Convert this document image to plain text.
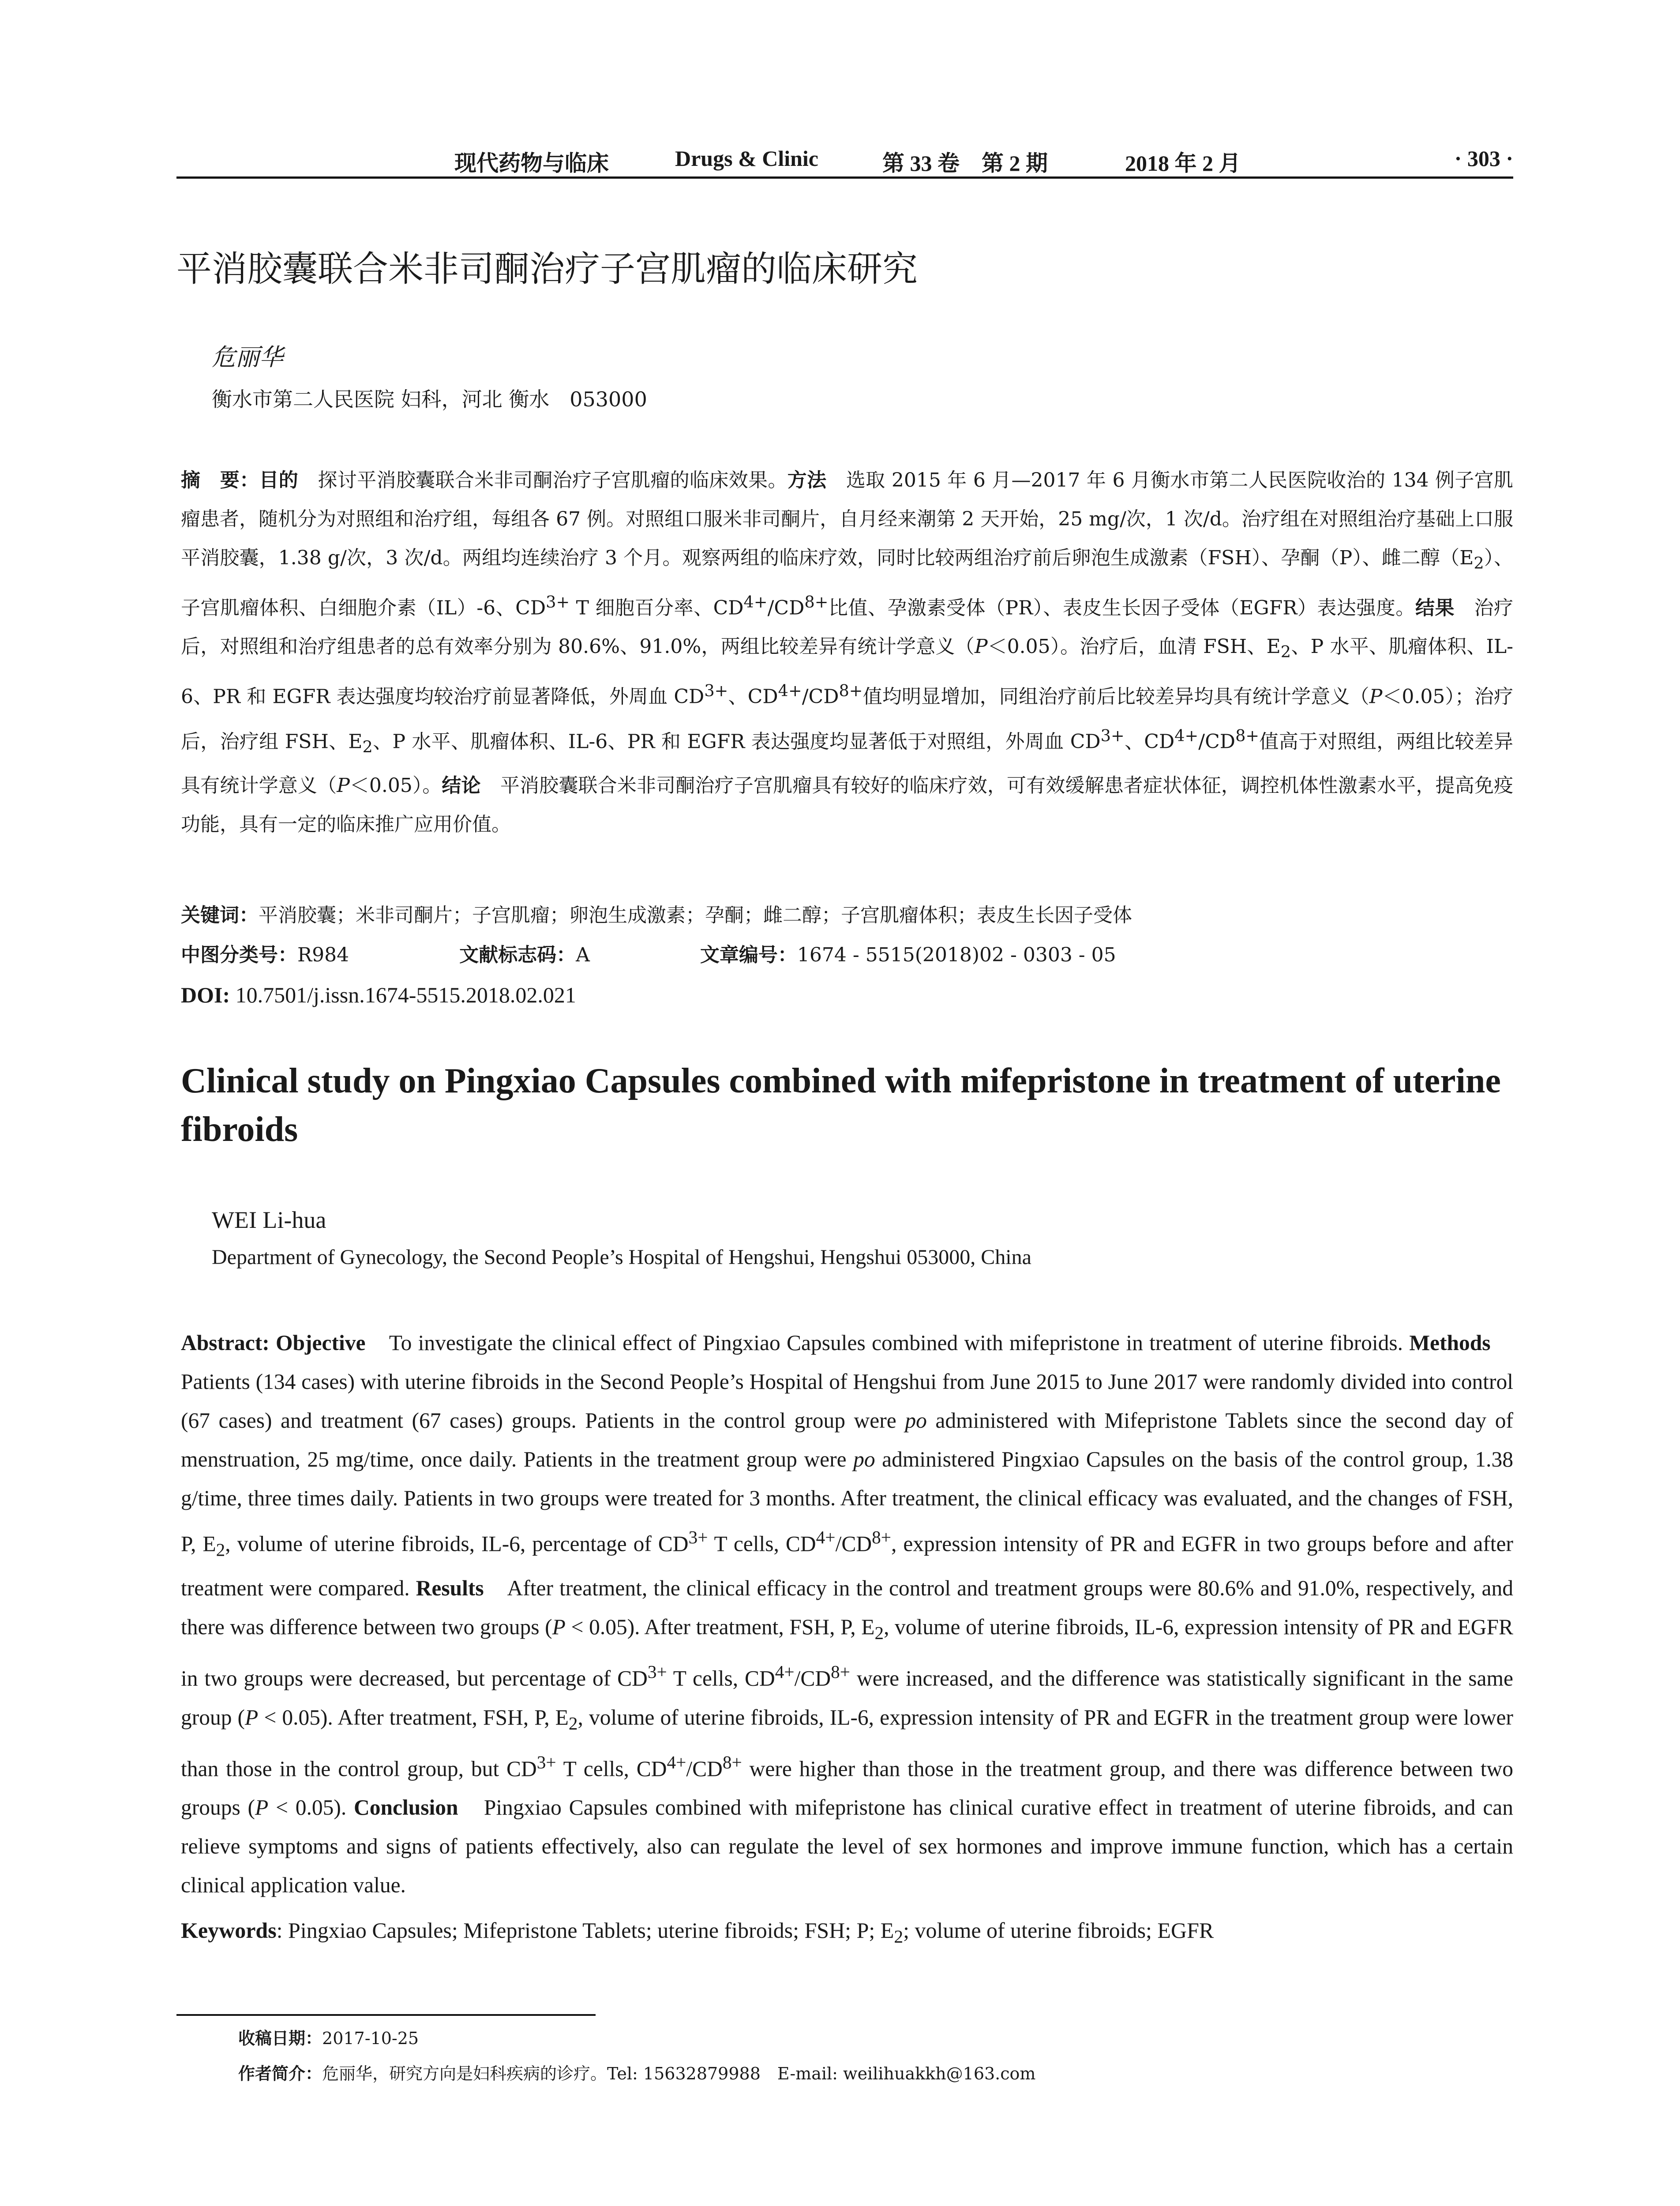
现代药物与临床	Drugs & Clinic	第 33 卷　第 2 期	2018 年 2 月	· 303 ·
平消胶囊联合米非司酮治疗子宫肌瘤的临床研究
危丽华
衡水市第二人民医院 妇科，河北 衡水　053000

摘　要：目的　探讨平消胶囊联合米非司酮治疗子宫肌瘤的临床效果。方法　选取 2015 年 6 月—2017 年 6 月衡水市第二人民医院收治的 134 例子宫肌瘤患者，随机分为对照组和治疗组，每组各 67 例。对照组口服米非司酮片，自月经来潮第 2 天开始，25 mg/次，1 次/d。治疗组在对照组治疗基础上口服平消胶囊，1.38 g/次，3 次/d。两组均连续治疗 3 个月。观察两组的临床疗效，同时比较两组治疗前后卵泡生成激素（FSH）、孕酮（P）、雌二醇$(E_2)$、子宫肌瘤体积、白细胞介素（IL）-6、$CD^{3+}$ T 细胞百分率、$CD^{4+}/CD^{8+}$比值、孕激素受体（PR）、表皮生长因子受体（EGFR）表达强度。结果　治疗后，对照组和治疗组患者的总有效率分别为 80.6%、91.0%，两组比较差异有统计学意义（P＜0.05）。治疗后，血清 FSH、$E_2$、P 水平、肌瘤体积、IL-6、PR 和 EGFR 表达强度均较治疗前显著降低，外周血 $CD^{3+}$、$CD^{4+}/CD^{8+}$值均明显增加，同组治疗前后比较差异均具有统计学意义（P＜0.05）；治疗后，治疗组 FSH、$E_2$、P 水平、肌瘤体积、IL-6、PR 和 EGFR 表达强度均显著低于对照组，外周血 $CD^{3+}$、$CD^{4+}/CD^{8+}$值高于对照组，两组比较差异具有统计学意义（P＜0.05）。结论　平消胶囊联合米非司酮治疗子宫肌瘤具有较好的临床疗效，可有效缓解患者症状体征，调控机体性激素水平，提高免疫功能，具有一定的临床推广应用价值。

关键词：平消胶囊；米非司酮片；子宫肌瘤；卵泡生成激素；孕酮；雌二醇；子宫肌瘤体积；表皮生长因子受体
中图分类号：R984	文献标志码：A	文章编号：1674 - 5515(2018)02 - 0303 - 05
DOI: 10.7501/j.issn.1674-5515.2018.02.021
Clinical study on Pingxiao Capsules combined with mifepristone in treatment of uterine fibroids
WEI Li-hua
Department of Gynecology, the Second People’s Hospital of Hengshui, Hengshui 053000, China

Abstract: Objective　To investigate the clinical effect of Pingxiao Capsules combined with mifepristone in treatment of uterine fibroids. Methods　Patients (134 cases) with uterine fibroids in the Second People’s Hospital of Hengshui from June 2015 to June 2017 were randomly divided into control (67 cases) and treatment (67 cases) groups. Patients in the control group were po administered with Mifepristone Tablets since the second day of menstruation, 25 mg/time, once daily. Patients in the treatment group were po administered Pingxiao Capsules on the basis of the control group, 1.38 g/time, three times daily. Patients in two groups were treated for 3 months. After treatment, the clinical efficacy was evaluated, and the changes of FSH, P, $E_2$, volume of uterine fibroids, IL-6, percentage of $CD^{3+}$ T cells, $CD^{4+}/CD^{8+}$, expression intensity of PR and EGFR in two groups before and after treatment were compared. Results　After treatment, the clinical efficacy in the control and treatment groups were 80.6% and 91.0%, respectively, and there was difference between two groups (P < 0.05). After treatment, FSH, P, $E_2$, volume of uterine fibroids, IL-6, expression intensity of PR and EGFR in two groups were decreased, but percentage of $CD^{3+}$ T cells, $CD^{4+}/CD^{8+}$ were increased, and the difference was statistically significant in the same group (P < 0.05). After treatment, FSH, P, $E_2$, volume of uterine fibroids, IL-6, expression intensity of PR and EGFR in the treatment group were lower than those in the control group, but $CD^{3+}$ T cells, $CD^{4+}/CD^{8+}$ were higher than those in the treatment group, and there was difference between two groups (P < 0.05). Conclusion　Pingxiao Capsules combined with mifepristone has clinical curative effect in treatment of uterine fibroids, and can relieve symptoms and signs of patients effectively, also can regulate the level of sex hormones and improve immune function, which has a certain clinical application value.

Keywords: Pingxiao Capsules; Mifepristone Tablets; uterine fibroids; FSH; P; $E_2$; volume of uterine fibroids; EGFR
收稿日期：2017-10-25
作者简介：危丽华，研究方向是妇科疾病的诊疗。Tel: 15632879988　E-mail: weilihuakkh@163.com
